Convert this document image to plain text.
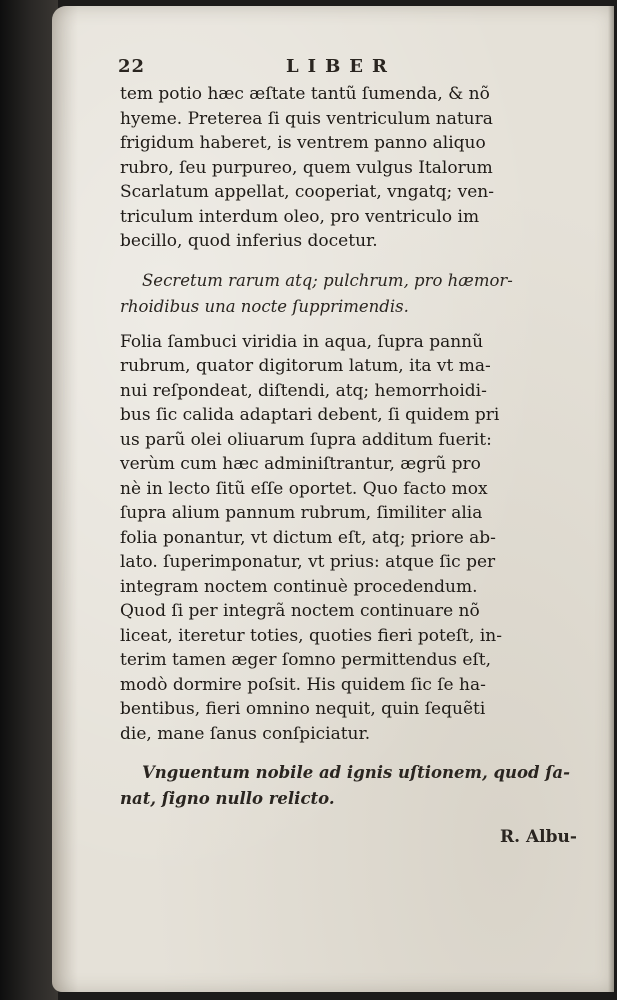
22	LIBER
tem potio hæc æſtate tantũ ſumenda, & nõ
hyeme. Preterea ſi quis ventriculum natura
frigidum haberet, is ventrem panno aliquo
rubro, ſeu purpureo, quem vulgus Italorum
Scarlatum appellat, cooperiat, vngatq; ven-
triculum interdum oleo, pro ventriculo im
becillo, quod inferius docetur.
Secretum rarum atq; pulchrum, pro hæmor-
rhoidibus una nocte ſupprimendis.
Folia ſambuci viridia in aqua, ſupra pannũ
rubrum, quator digitorum latum, ita vt ma-
nui reſpondeat, diſtendi, atq; hemorrhoidi-
bus ſic calida adaptari debent, ſi quidem pri
us parũ olei oliuarum ſupra additum fuerit:
verùm cum hæc adminiſtrantur, ægrũ pro
nè in lecto ſitũ eſſe oportet. Quo facto mox
ſupra alium pannum rubrum, ſimiliter alia
folia ponantur, vt dictum eſt, atq; priore ab-
lato. ſuperimponatur, vt prius: atque ſic per
integram noctem continuè procedendum.
Quod ſi per integrã noctem continuare nõ
liceat, iteretur toties, quoties fieri poteſt, in-
terim tamen æger ſomno permittendus eſt,
modò dormire poſsit. His quidem ſic ſe ha-
bentibus, fieri omnino nequit, quin ſequẽti
die, mane ſanus conſpiciatur.
Vnguentum nobile ad ignis uſtionem, quod ſa-
nat, ſigno nullo relicto.
R. Albu-
